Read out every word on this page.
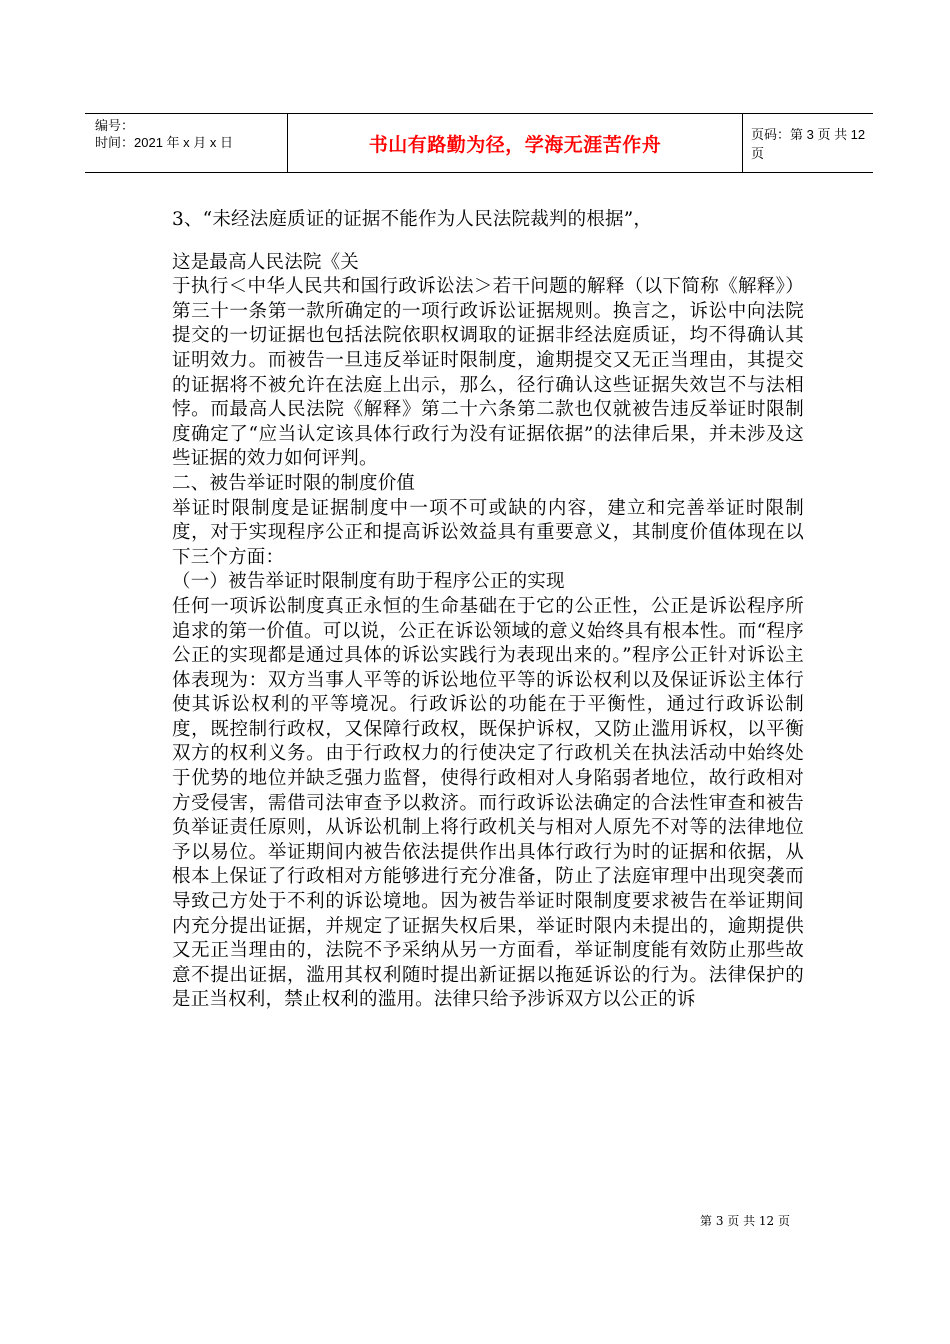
编号：
时间：2021 年 x 月 x 日	书山有路勤为径，学海无涯苦作舟	页码：第 3 页 共 12 页

3、“未经法庭质证的证据不能作为人民法院裁判的根据”，

这是最高人民法院《关

于执行＜中华人民共和国行政诉讼法＞若干问题的解释（以下简称《解释》）第三十一条第一款所确定的一项行政诉讼证据规则。换言之，诉讼中向法院提交的一切证据也包括法院依职权调取的证据非经法庭质证，均不得确认其证明效力。而被告一旦违反举证时限制度，逾期提交又无正当理由，其提交的证据将不被允许在法庭上出示，那么，径行确认这些证据失效岂不与法相悖。而最高人民法院《解释》第二十六条第二款也仅就被告违反举证时限制度确定了“应当认定该具体行政行为没有证据依据”的法律后果，并未涉及这些证据的效力如何评判。

二、被告举证时限的制度价值

举证时限制度是证据制度中一项不可或缺的内容，建立和完善举证时限制度，对于实现程序公正和提高诉讼效益具有重要意义，其制度价值体现在以下三个方面：

（一）被告举证时限制度有助于程序公正的实现

任何一项诉讼制度真正永恒的生命基础在于它的公正性，公正是诉讼程序所追求的第一价值。可以说，公正在诉讼领域的意义始终具有根本性。而“程序公正的实现都是通过具体的诉讼实践行为表现出来的。”程序公正针对诉讼主体表现为：双方当事人平等的诉讼地位平等的诉讼权利以及保证诉讼主体行使其诉讼权利的平等境况。行政诉讼的功能在于平衡性，通过行政诉讼制度，既控制行政权，又保障行政权，既保护诉权，又防止滥用诉权，以平衡双方的权利义务。由于行政权力的行使决定了行政机关在执法活动中始终处于优势的地位并缺乏强力监督，使得行政相对人身陷弱者地位，故行政相对方受侵害，需借司法审查予以救济。而行政诉讼法确定的合法性审查和被告负举证责任原则，从诉讼机制上将行政机关与相对人原先不对等的法律地位予以易位。举证期间内被告依法提供作出具体行政行为时的证据和依据，从根本上保证了行政相对方能够进行充分准备，防止了法庭审理中出现突袭而导致己方处于不利的诉讼境地。因为被告举证时限制度要求被告在举证期间内充分提出证据，并规定了证据失权后果，举证时限内未提出的，逾期提供又无正当理由的，法院不予采纳从另一方面看，举证制度能有效防止那些故意不提出证据，滥用其权利随时提出新证据以拖延诉讼的行为。法律保护的是正当权利，禁止权利的滥用。法律只给予涉诉双方以公正的诉

第 3 页 共 12 页
